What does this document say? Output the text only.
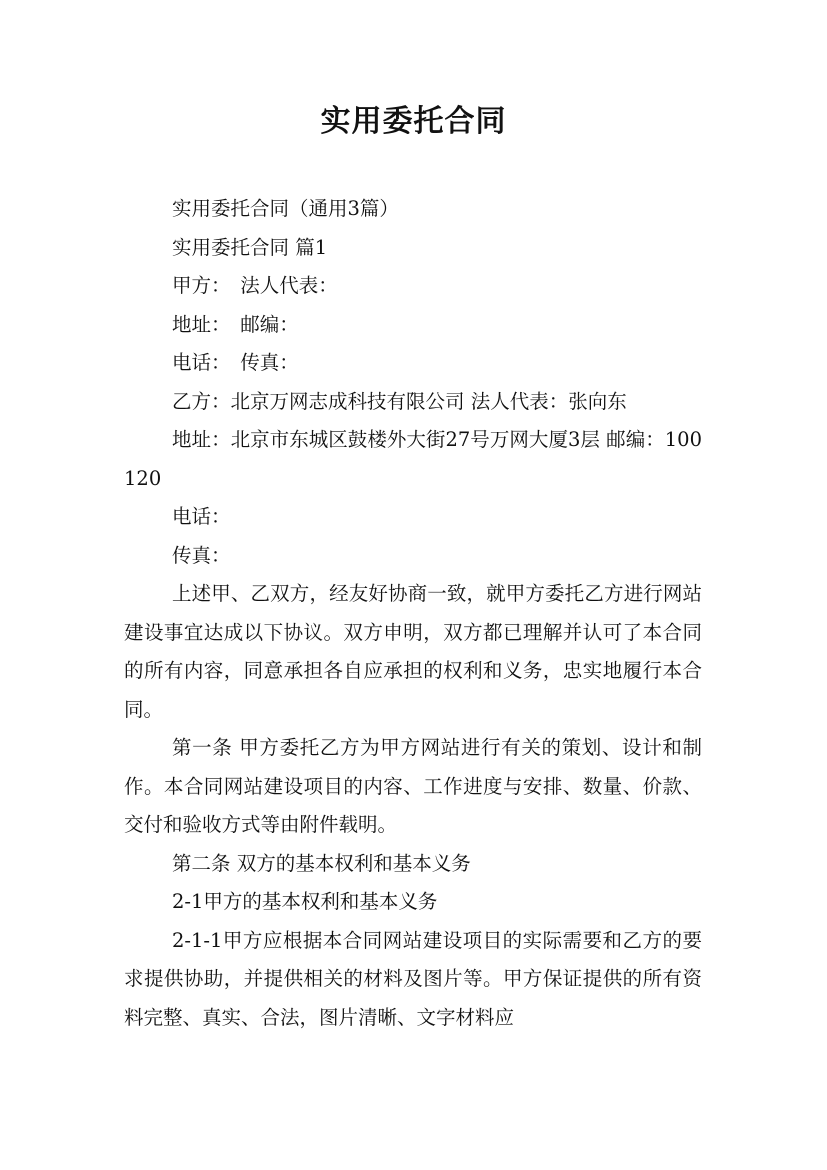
实用委托合同

实用委托合同（通用3篇）

实用委托合同 篇1

甲方：　法人代表：

地址：　邮编：

电话：　传真：

乙方：北京万网志成科技有限公司 法人代表：张向东

地址：北京市东城区鼓楼外大街27号万网大厦3层 邮编：100120

电话：

传真：

上述甲、乙双方，经友好协商一致，就甲方委托乙方进行网站建设事宜达成以下协议。双方申明，双方都已理解并认可了本合同的所有内容，同意承担各自应承担的权利和义务，忠实地履行本合同。

第一条 甲方委托乙方为甲方网站进行有关的策划、设计和制作。本合同网站建设项目的内容、工作进度与安排、数量、价款、交付和验收方式等由附件载明。

第二条 双方的基本权利和基本义务

2-1甲方的基本权利和基本义务

2-1-1甲方应根据本合同网站建设项目的实际需要和乙方的要求提供协助，并提供相关的材料及图片等。甲方保证提供的所有资料完整、真实、合法，图片清晰、文字材料应
